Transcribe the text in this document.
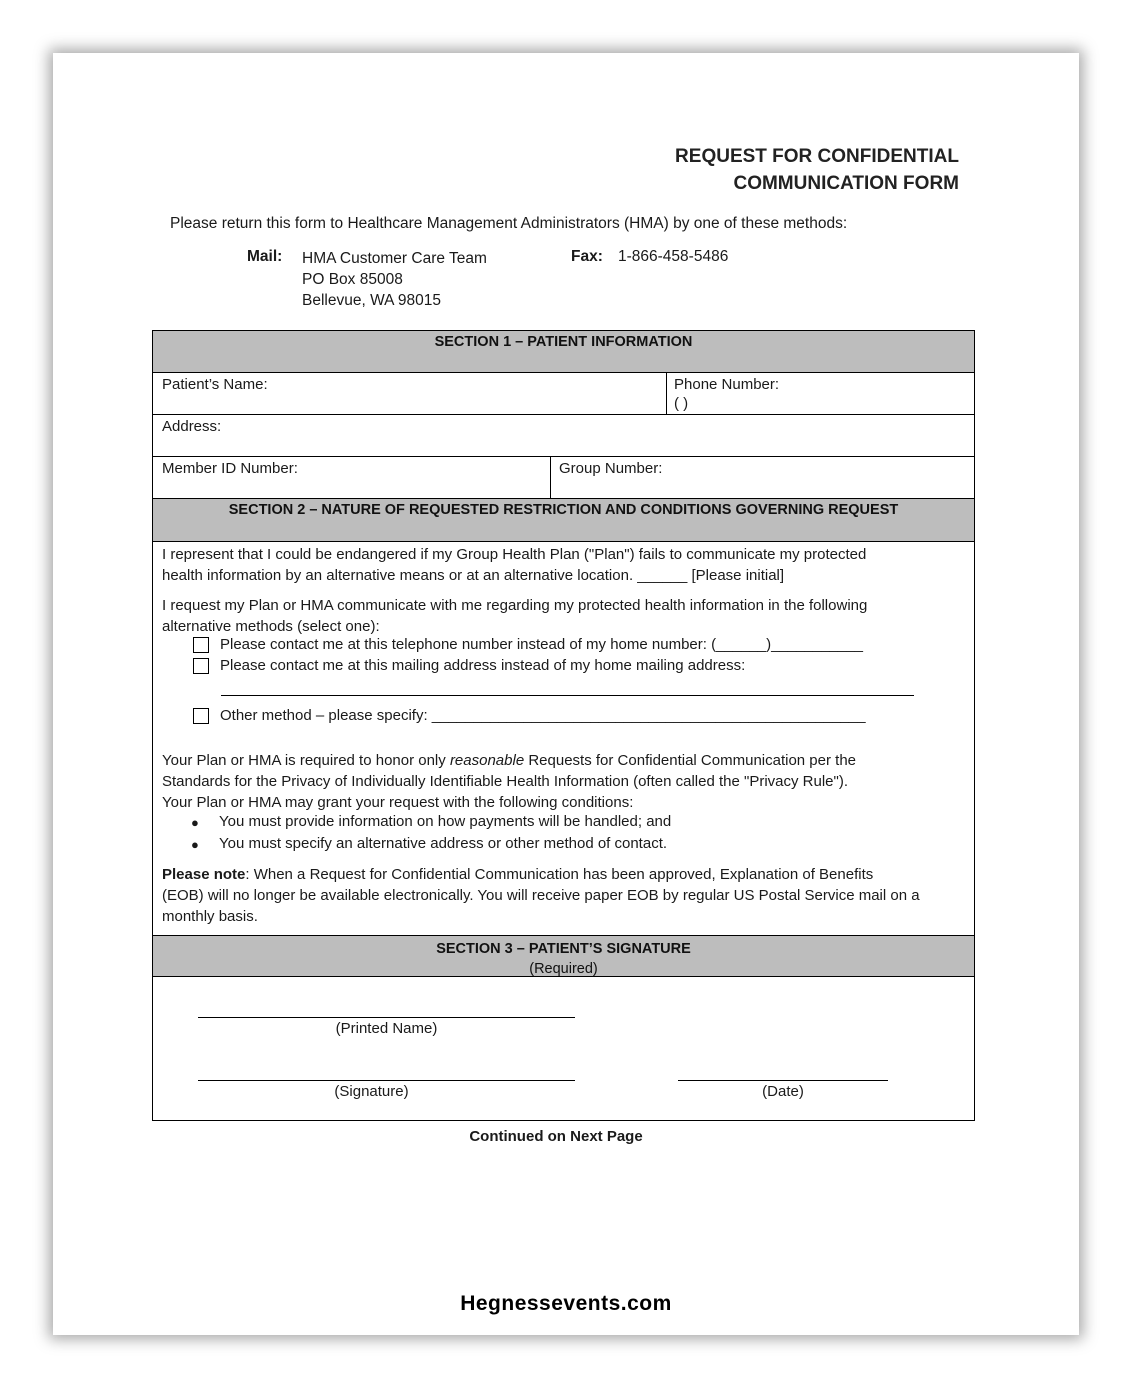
REQUEST FOR CONFIDENTIAL
COMMUNICATION FORM
Please return this form to Healthcare Management Administrators (HMA) by one of these methods:
Mail: HMA Customer Care Team
PO Box 85008
Bellevue, WA 98015
Fax: 1-866-458-5486
SECTION 1 – PATIENT INFORMATION
Patient’s Name:	Phone Number:
( )
Address:
Member ID Number:	Group Number:
SECTION 2 – NATURE OF REQUESTED RESTRICTION AND CONDITIONS GOVERNING REQUEST
I represent that I could be endangered if my Group Health Plan ("Plan") fails to communicate my protected
health information by an alternative means or at an alternative location. ______ [Please initial]
I request my Plan or HMA communicate with me regarding my protected health information in the following
alternative methods (select one):
Please contact me at this telephone number instead of my home number: (______)___________
Please contact me at this mailing address instead of my home mailing address:
Other method – please specify: ____________________________________________________
Your Plan or HMA is required to honor only reasonable Requests for Confidential Communication per the
Standards for the Privacy of Individually Identifiable Health Information (often called the "Privacy Rule").
Your Plan or HMA may grant your request with the following conditions:
● You must provide information on how payments will be handled; and
● You must specify an alternative address or other method of contact.
Please note: When a Request for Confidential Communication has been approved, Explanation of Benefits
(EOB) will no longer be available electronically. You will receive paper EOB by regular US Postal Service mail on a
monthly basis.
SECTION 3 – PATIENT’S SIGNATURE
(Required)
(Printed Name)
(Signature)	(Date)
Continued on Next Page
Hegnessevents.com
